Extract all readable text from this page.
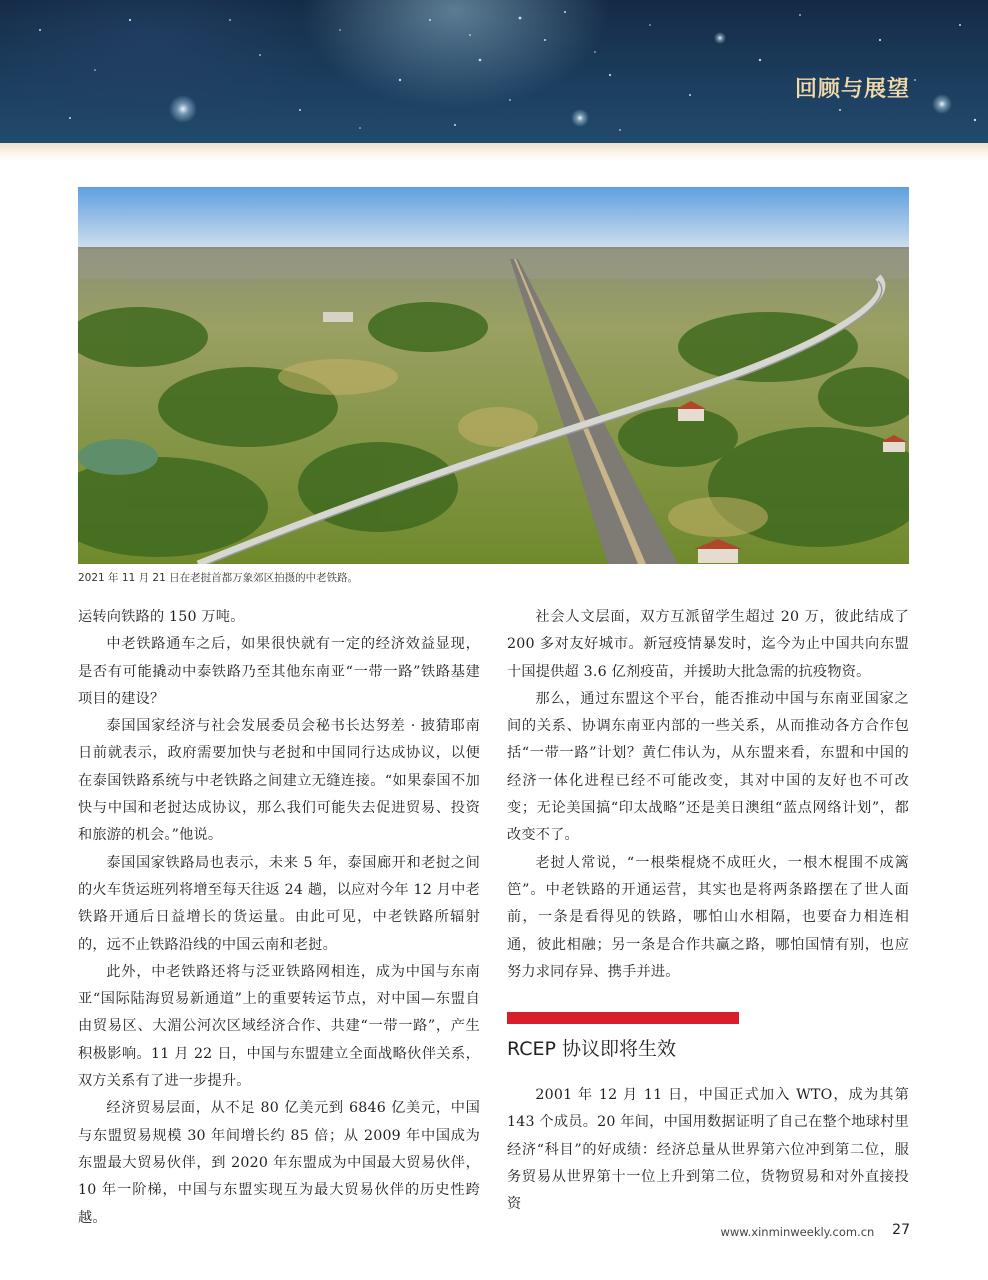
回顾与展望
2021 年 11 月 21 日在老挝首都万象郊区拍摄的中老铁路。

运转向铁路的 150 万吨。

中老铁路通车之后，如果很快就有一定的经济效益显现，是否有可能撬动中泰铁路乃至其他东南亚“一带一路”铁路基建项目的建设？

泰国国家经济与社会发展委员会秘书长达努差 · 披猜耶南日前就表示，政府需要加快与老挝和中国同行达成协议，以便在泰国铁路系统与中老铁路之间建立无缝连接。“如果泰国不加快与中国和老挝达成协议，那么我们可能失去促进贸易、投资和旅游的机会。”他说。

泰国国家铁路局也表示，未来 5 年，泰国廊开和老挝之间的火车货运班列将增至每天往返 24 趟，以应对今年 12 月中老铁路开通后日益增长的货运量。由此可见，中老铁路所辐射的，远不止铁路沿线的中国云南和老挝。

此外，中老铁路还将与泛亚铁路网相连，成为中国与东南亚“国际陆海贸易新通道”上的重要转运节点，对中国—东盟自由贸易区、大湄公河次区域经济合作、共建“一带一路”，产生积极影响。11 月 22 日，中国与东盟建立全面战略伙伴关系，双方关系有了进一步提升。

经济贸易层面，从不足 80 亿美元到 6846 亿美元，中国与东盟贸易规模 30 年间增长约 85 倍；从 2009 年中国成为东盟最大贸易伙伴，到 2020 年东盟成为中国最大贸易伙伴，10 年一阶梯，中国与东盟实现互为最大贸易伙伴的历史性跨越。

社会人文层面，双方互派留学生超过 20 万，彼此结成了 200 多对友好城市。新冠疫情暴发时，迄今为止中国共向东盟十国提供超 3.6 亿剂疫苗，并援助大批急需的抗疫物资。

那么，通过东盟这个平台，能否推动中国与东南亚国家之间的关系、协调东南亚内部的一些关系，从而推动各方合作包括“一带一路”计划？黄仁伟认为，从东盟来看，东盟和中国的经济一体化进程已经不可能改变，其对中国的友好也不可改变；无论美国搞“印太战略”还是美日澳组“蓝点网络计划”，都改变不了。

老挝人常说，“一根柴棍烧不成旺火，一根木棍围不成篱笆”。中老铁路的开通运营，其实也是将两条路摆在了世人面前，一条是看得见的铁路，哪怕山水相隔，也要奋力相连相通，彼此相融；另一条是合作共赢之路，哪怕国情有别，也应努力求同存异、携手并进。

RCEP 协议即将生效

2001 年 12 月 11 日，中国正式加入 WTO，成为其第 143 个成员。20 年间，中国用数据证明了自己在整个地球村里经济“科目”的好成绩：经济总量从世界第六位冲到第二位，服务贸易从世界第十一位上升到第二位，货物贸易和对外直接投资

www.xinminweekly.com.cn	27
